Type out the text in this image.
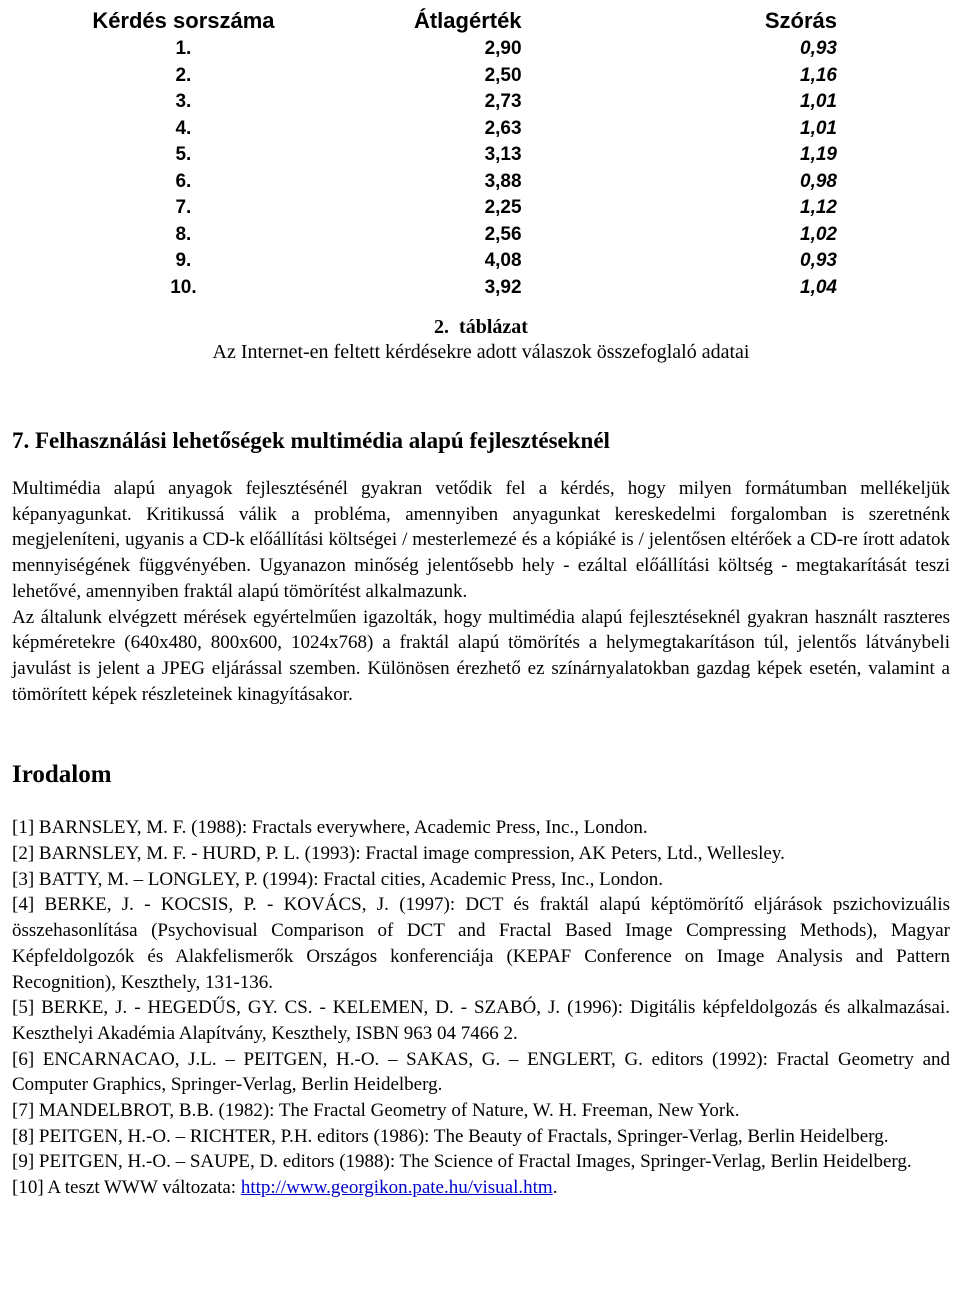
Kérdés sorszáma	Átlagérték	Szórás
1.	2,90	0,93
2.	2,50	1,16
3.	2,73	1,01
4.	2,63	1,01
5.	3,13	1,19
6.	3,88	0,98
7.	2,25	1,12
8.	2,56	1,02
9.	4,08	0,93
10.	3,92	1,04
2. táblázat
Az Internet-en feltett kérdésekre adott válaszok összefoglaló adatai
7. Felhasználási lehetőségek multimédia alapú fejlesztéseknél

Multimédia alapú anyagok fejlesztésénél gyakran vetődik fel a kérdés, hogy milyen formátumban mellékeljük képanyagunkat. Kritikussá válik a probléma, amennyiben anyagunkat kereskedelmi forgalomban is szeretnénk megjeleníteni, ugyanis a CD-k előállítási költségei / mesterlemezé és a kópiáké is / jelentősen eltérőek a CD-re írott adatok mennyiségének függvényében. Ugyanazon minőség jelentősebb hely - ezáltal előállítási költség - megtakarítását teszi lehetővé, amennyiben fraktál alapú tömörítést alkalmazunk.

Az általunk elvégzett mérések egyértelműen igazolták, hogy multimédia alapú fejlesztéseknél gyakran használt raszteres képméretekre (640x480, 800x600, 1024x768) a fraktál alapú tömörítés a helymegtakarításon túl, jelentős látványbeli javulást is jelent a JPEG eljárással szemben. Különösen érezhető ez színárnyalatokban gazdag képek esetén, valamint a tömörített képek részleteinek kinagyításakor.

Irodalom

[1] BARNSLEY, M. F. (1988): Fractals everywhere, Academic Press, Inc., London.

[2] BARNSLEY, M. F. - HURD, P. L. (1993): Fractal image compression, AK Peters, Ltd., Wellesley.

[3] BATTY, M. – LONGLEY, P. (1994): Fractal cities, Academic Press, Inc., London.

[4] BERKE, J. - KOCSIS, P. - KOVÁCS, J. (1997): DCT és fraktál alapú képtömörítő eljárások pszichovizuális összehasonlítása (Psychovisual Comparison of DCT and Fractal Based Image Compressing Methods), Magyar Képfeldolgozók és Alakfelismerők Országos konferenciája (KEPAF Conference on Image Analysis and Pattern Recognition), Keszthely, 131-136.

[5] BERKE, J. - HEGEDŰS, GY. CS. - KELEMEN, D. - SZABÓ, J. (1996): Digitális képfeldolgozás és alkalmazásai. Keszthelyi Akadémia Alapítvány, Keszthely, ISBN 963 04 7466 2.

[6] ENCARNACAO, J.L. – PEITGEN, H.-O. – SAKAS, G. – ENGLERT, G. editors (1992): Fractal Geometry and Computer Graphics, Springer-Verlag, Berlin Heidelberg.

[7] MANDELBROT, B.B. (1982): The Fractal Geometry of Nature, W. H. Freeman, New York.

[8] PEITGEN, H.-O. – RICHTER, P.H. editors (1986): The Beauty of Fractals, Springer-Verlag, Berlin Heidelberg.

[9] PEITGEN, H.-O. – SAUPE, D. editors (1988): The Science of Fractal Images, Springer-Verlag, Berlin Heidelberg.

[10] A teszt WWW változata: http://www.georgikon.pate.hu/visual.htm.
